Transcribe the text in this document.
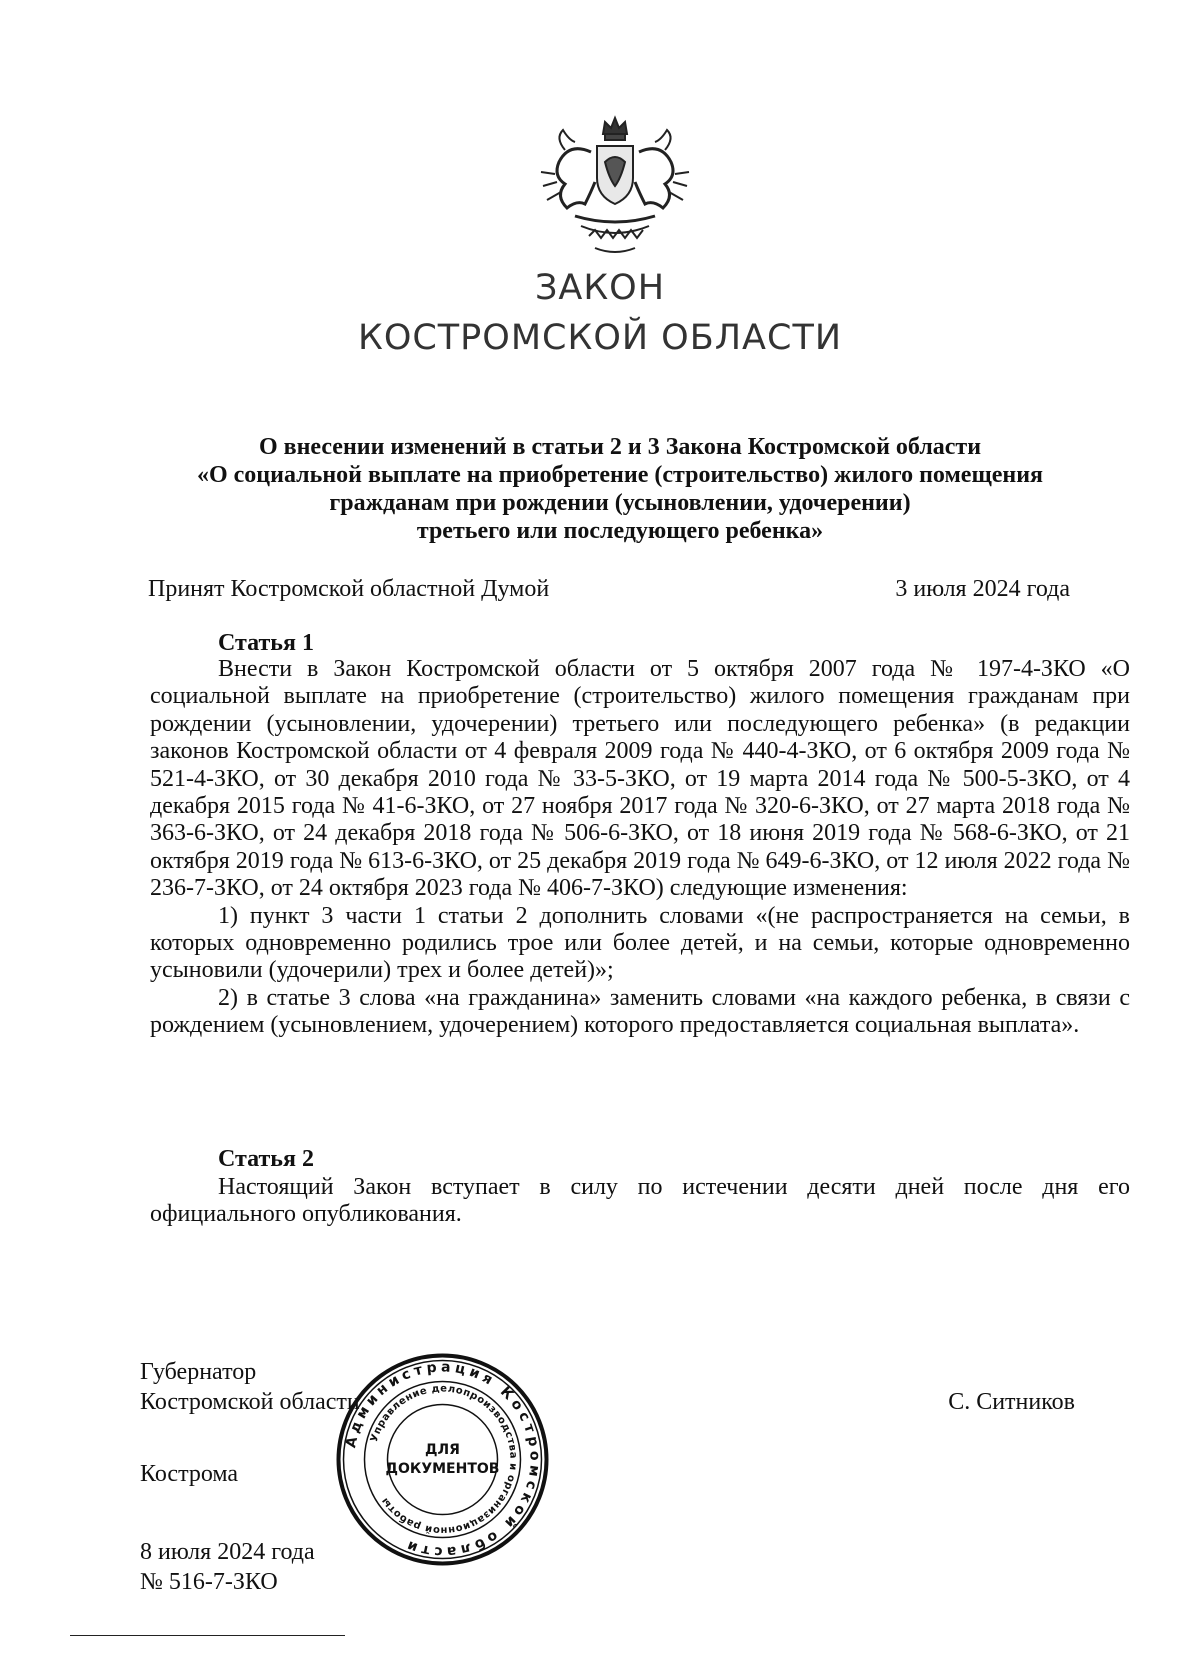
ЗАКОН
КОСТРОМСКОЙ ОБЛАСТИ
О внесении изменений в статьи 2 и 3 Закона Костромской области
«О социальной выплате на приобретение (строительство) жилого помещения
гражданам при рождении (усыновлении, удочерении)
третьего или последующего ребенка»
Принят Костромской областной Думой	3 июля 2024 года
Статья 1

Внести в Закон Костромской области от 5 октября 2007 года № 197-4-ЗКО «О социальной выплате на приобретение (строительство) жилого помещения гражданам при рождении (усыновлении, удочерении) третьего или последующего ребенка» (в редакции законов Костромской области от 4 февраля 2009 года № 440-4-ЗКО, от 6 октября 2009 года № 521-4-ЗКО, от 30 декабря 2010 года № 33-5-ЗКО, от 19 марта 2014 года № 500-5-ЗКО, от 4 декабря 2015 года № 41-6-ЗКО, от 27 ноября 2017 года № 320-6-ЗКО, от 27 марта 2018 года № 363-6-ЗКО, от 24 декабря 2018 года № 506-6-ЗКО, от 18 июня 2019 года № 568-6-ЗКО, от 21 октября 2019 года № 613-6-ЗКО, от 25 декабря 2019 года № 649-6-ЗКО, от 12 июля 2022 года № 236-7-ЗКО, от 24 октября 2023 года № 406-7-ЗКО) следующие изменения:

1) пункт 3 части 1 статьи 2 дополнить словами «(не распространяется на семьи, в которых одновременно родились трое или более детей, и на семьи, которые одновременно усыновили (удочерили) трех и более детей)»;

2) в статье 3 слова «на гражданина» заменить словами «на каждого ребенка, в связи с рождением (усыновлением, удочерением) которого предоставляется социальная выплата».

Статья 2

Настоящий Закон вступает в силу по истечении десяти дней после дня его официального опубликования.

Губернатор
Костромской области	С. Ситников
Кострома
8 июля 2024 года
№ 516-7-ЗКО
Администрация Костромской области
Управление делопроизводства и организационной работы
ДЛЯ
ДОКУМЕНТОВ
